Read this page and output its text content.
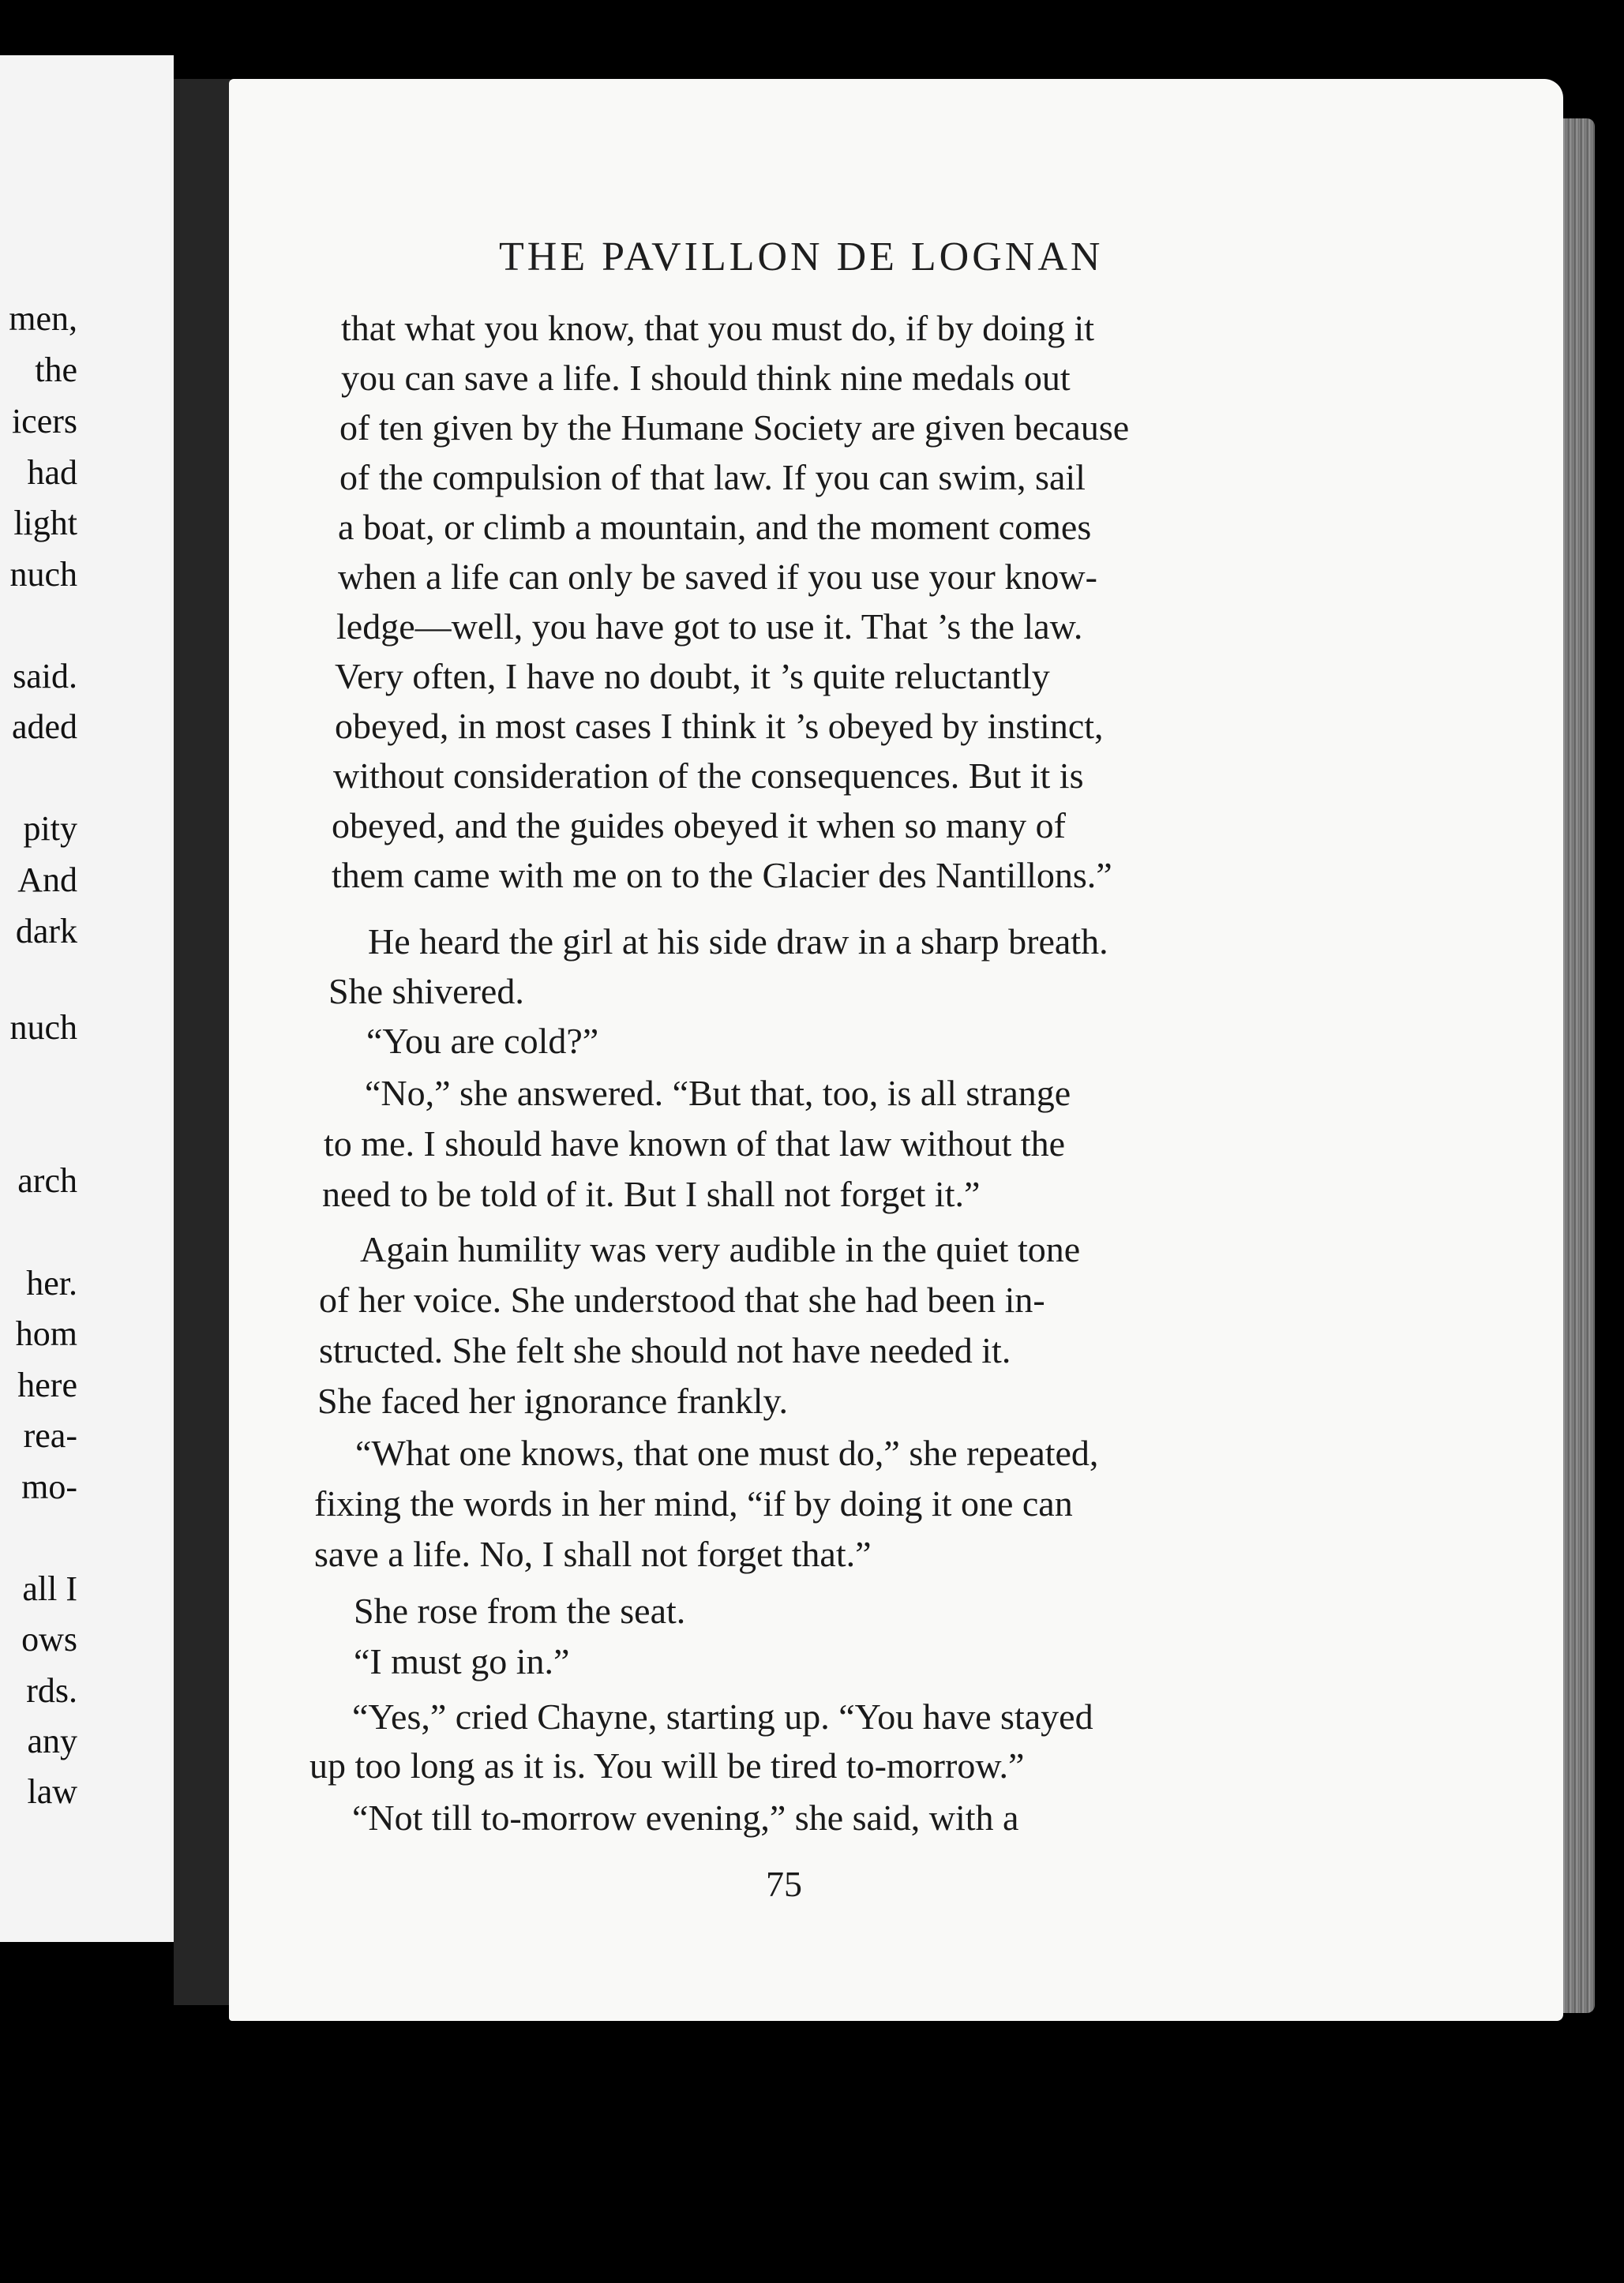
men,
the
icers
had
light
nuch
said.
aded
pity
And
dark
nuch
arch
her.
hom
here
rea-
mo-
all I
ows
rds.
any
law
THE PAVILLON DE LOGNAN
that what you know, that you must do, if by doing it
you can save a life. I should think nine medals out
of ten given by the Humane Society are given because
of the compulsion of that law. If you can swim, sail
a boat, or climb a mountain, and the moment comes
when a life can only be saved if you use your know-
ledge—well, you have got to use it. That ’s the law.
Very often, I have no doubt, it ’s quite reluctantly
obeyed, in most cases I think it ’s obeyed by instinct,
without consideration of the consequences. But it is
obeyed, and the guides obeyed it when so many of
them came with me on to the Glacier des Nantillons.”
He heard the girl at his side draw in a sharp breath.
She shivered.
“You are cold?”
“No,” she answered. “But that, too, is all strange
to me. I should have known of that law without the
need to be told of it. But I shall not forget it.”
Again humility was very audible in the quiet tone
of her voice. She understood that she had been in-
structed. She felt she should not have needed it.
She faced her ignorance frankly.
“What one knows, that one must do,” she repeated,
fixing the words in her mind, “if by doing it one can
save a life. No, I shall not forget that.”
She rose from the seat.
“I must go in.”
“Yes,” cried Chayne, starting up. “You have stayed
up too long as it is. You will be tired to-morrow.”
“Not till to-morrow evening,” she said, with a
75
